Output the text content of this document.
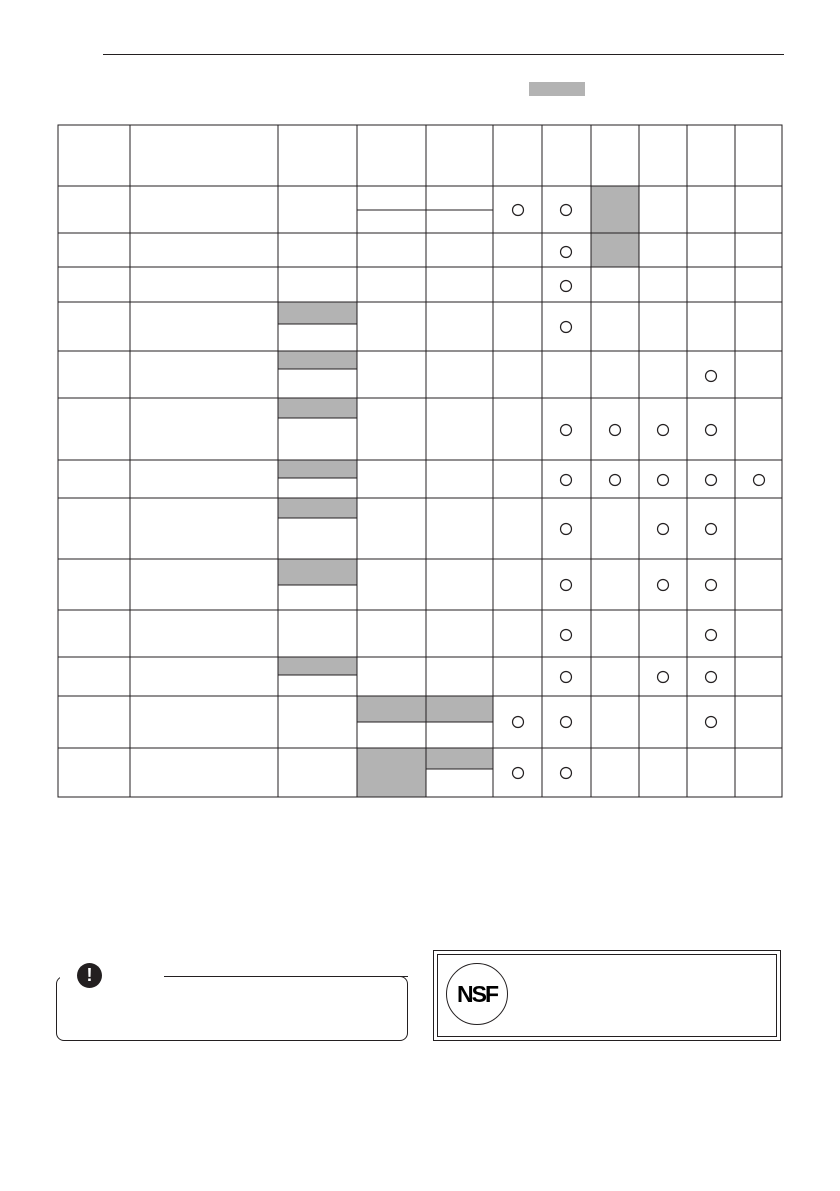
!
NSF
